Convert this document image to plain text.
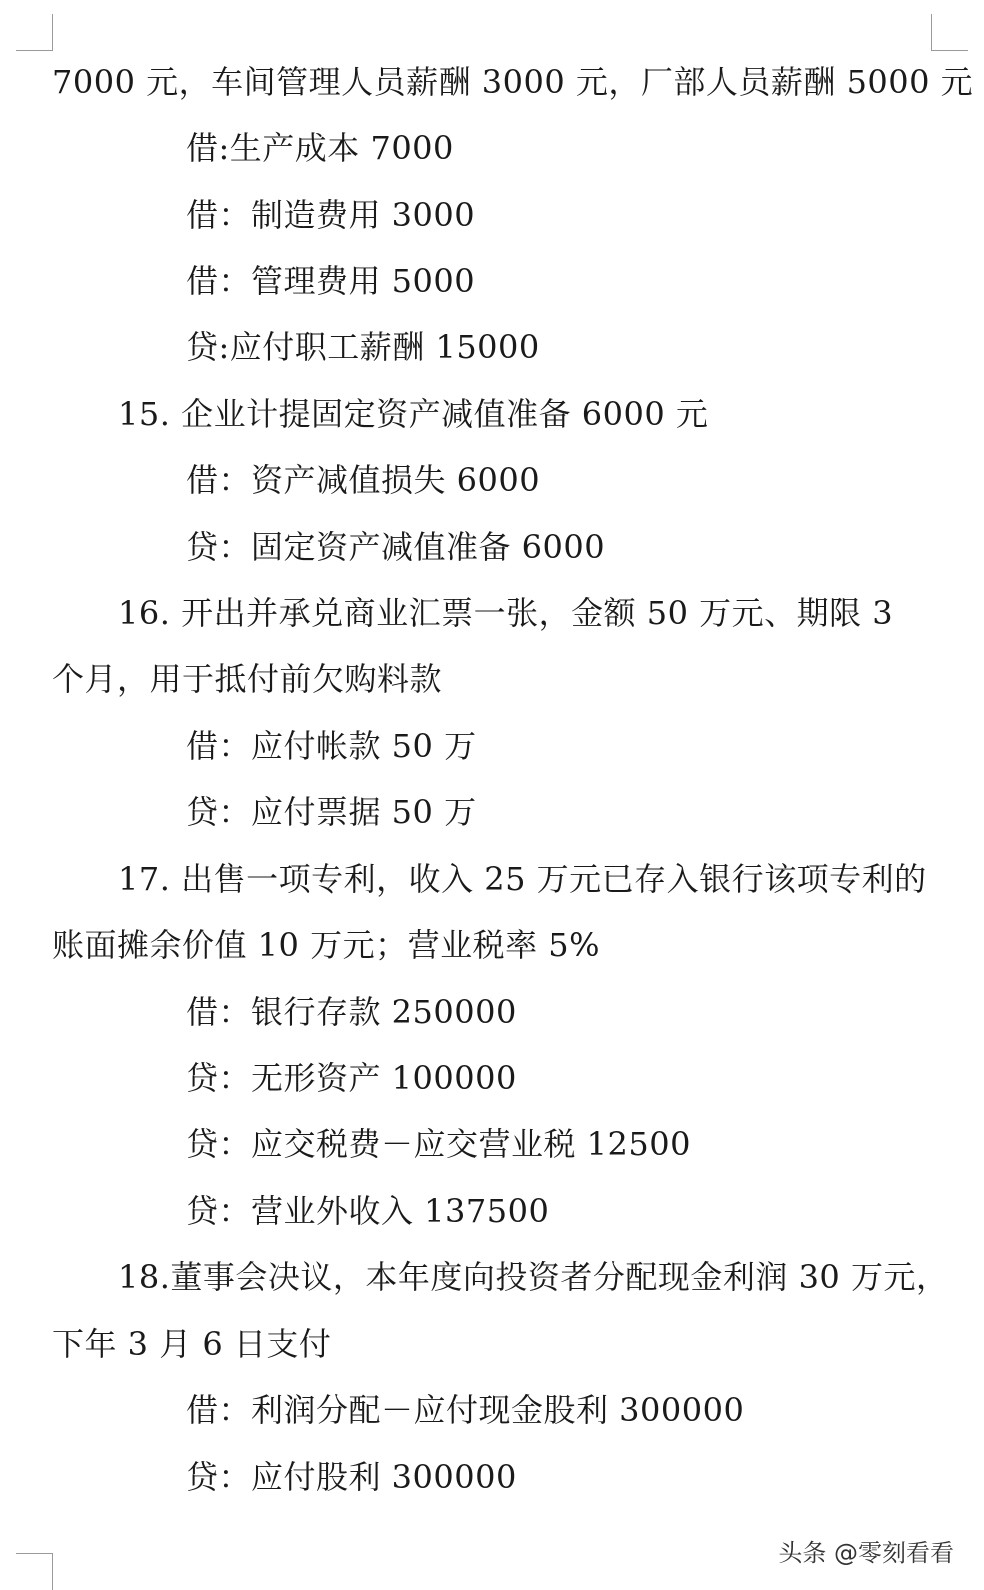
7000 元，车间管理人员薪酬 3000 元，厂部人员薪酬 5000 元
借:生产成本 7000
借：制造费用 3000
借：管理费用 5000
贷:应付职工薪酬 15000
15. 企业计提固定资产减值准备 6000 元
借：资产减值损失 6000
贷：固定资产减值准备 6000
16. 开出并承兑商业汇票一张，金额 50 万元、期限 3
个月，用于抵付前欠购料款
借：应付帐款 50 万
贷：应付票据 50 万
17. 出售一项专利，收入 25 万元已存入银行该项专利的
账面摊余价值 10 万元；营业税率 5%
借：银行存款 250000
贷：无形资产 100000
贷：应交税费－应交营业税 12500
贷：营业外收入 137500
18.董事会决议，本年度向投资者分配现金利润 30 万元，
下年 3 月 6 日支付
借：利润分配－应付现金股利 300000
贷：应付股利 300000
头条 @零刻看看
